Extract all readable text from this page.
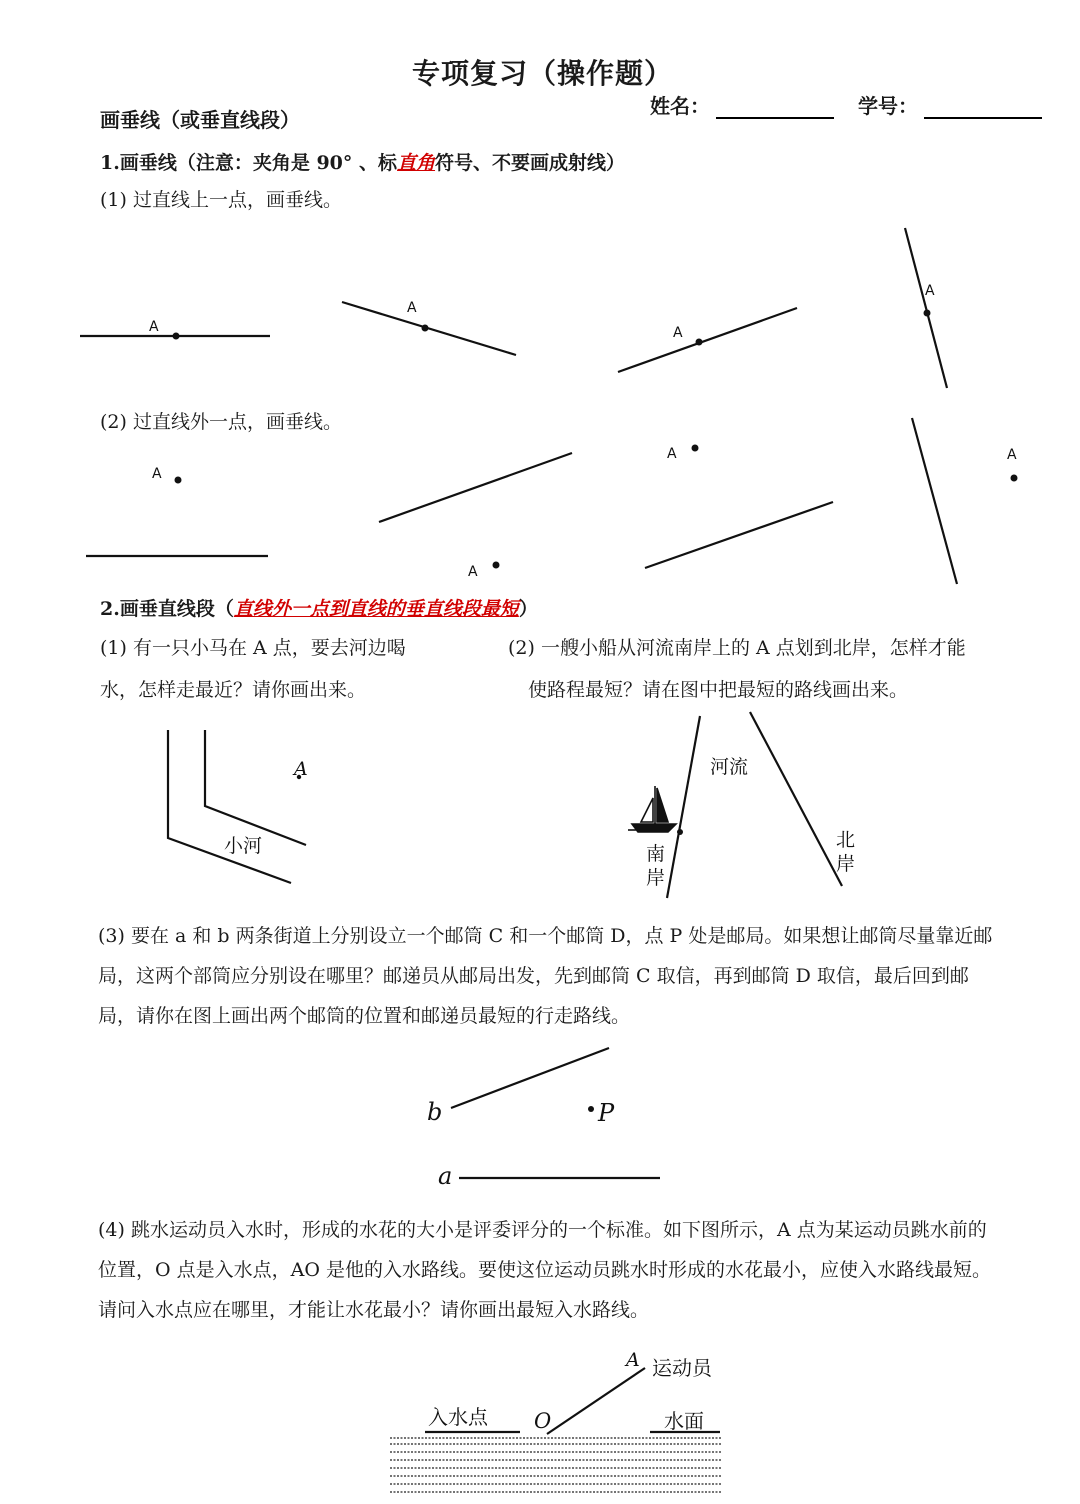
专项复习（操作题）
姓名：	学号：
画垂线（或垂直线段）
1.画垂线（注意：夹角是 90° 、标直角符号、不要画成射线）
(1) 过直线上一点，画垂线。
(2) 过直线外一点，画垂线。
2.画垂直线段（直线外一点到直线的垂直线段最短）
(1) 有一只小马在 A 点，要去河边喝
水，怎样走最近？请你画出来。
(2) 一艘小船从河流南岸上的 A 点划到北岸，怎样才能
使路程最短？请在图中把最短的路线画出来。
(3) 要在 a 和 b 两条街道上分别设立一个邮筒 C 和一个邮筒 D，点 P 处是邮局。如果想让邮筒尽量靠近邮局，这两个部筒应分别设在哪里？邮递员从邮局出发，先到邮筒 C 取信，再到邮筒 D 取信，最后回到邮局，请你在图上画出两个邮筒的位置和邮递员最短的行走路线。
(4) 跳水运动员入水时，形成的水花的大小是评委评分的一个标准。如下图所示，A 点为某运动员跳水前的位置，O 点是入水点，AO 是他的入水路线。要使这位运动员跳水时形成的水花最小，应使入水路线最短。请问入水点应在哪里，才能让水花最小？请你画出最短入水路线。
A
A
A
A
A
A
A	A
A
小河
河流
北
岸
南
岸
b	P
a
A 运动员
入水点 O	水面
